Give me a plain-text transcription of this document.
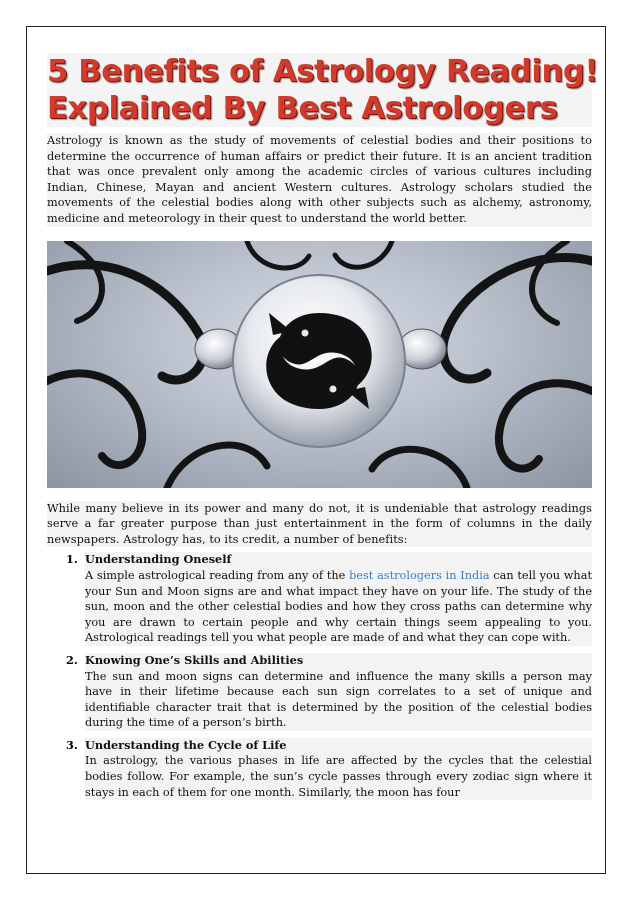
5 Benefits of Astrology Reading!
Explained By Best Astrologers

Astrology is known as the study of movements of celestial bodies and their positions to determine the occurrence of human affairs or predict their future. It is an ancient tradition that was once prevalent only among the academic circles of various cultures including Indian, Chinese, Mayan and ancient Western cultures. Astrology scholars studied the movements of the celestial bodies along with other subjects such as alchemy, astronomy, medicine and meteorology in their quest to understand the world better.

While many believe in its power and many do not, it is undeniable that astrology readings serve a far greater purpose than just entertainment in the form of columns in the daily newspapers. Astrology has, to its credit, a number of benefits:

1. Understanding Oneself
A simple astrological reading from any of the best astrologers in India can tell you what your Sun and Moon signs are and what impact they have on your life. The study of the sun, moon and the other celestial bodies and how they cross paths can determine why you are drawn to certain people and why certain things seem appealing to you. Astrological readings tell you what people are made of and what they can cope with.
2. Knowing One’s Skills and Abilities
The sun and moon signs can determine and influence the many skills a person may have in their lifetime because each sun sign correlates to a set of unique and identifiable character trait that is determined by the position of the celestial bodies during the time of a person’s birth.
3. Understanding the Cycle of Life
In astrology, the various phases in life are affected by the cycles that the celestial bodies follow. For example, the sun’s cycle passes through every zodiac sign where it stays in each of them for one month. Similarly, the moon has four
